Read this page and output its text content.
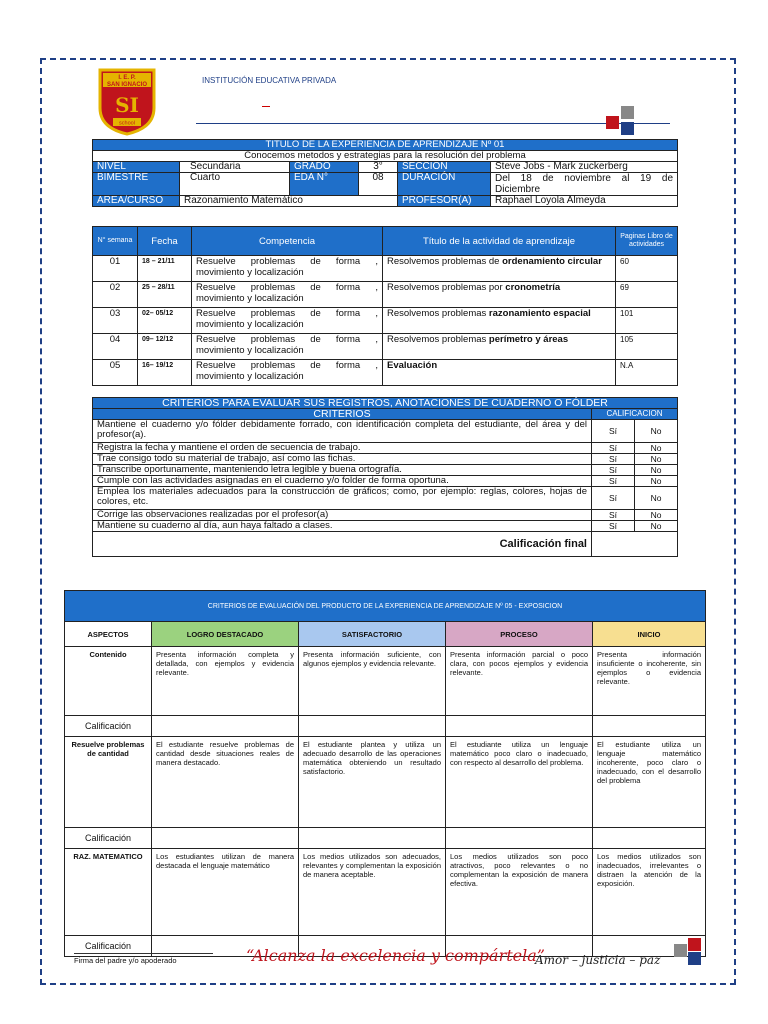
I. E. P.
SAN IGNACIO
SI
school
INSTITUCIÓN EDUCATIVA PRIVADA
TITULO DE LA EXPERIENCIA DE APRENDIZAJE Nº 01					
Conocemos metodos y estrategias para la resolución del problema					
NIVEL	Secundaria	GRADO	3°	SECCION	Steve Jobs - Mark zuckerberg
BIMESTRE	Cuarto	EDA N°	08	DURACIÓN	Del 18 de noviembre al 19 de Diciembre
AREA/CURSO	Razonamiento Matemático			PROFESOR(A)	Raphael Loyola Almeyda
N° semana	Fecha	Competencia	Título de la actividad de aprendizaje	Paginas Libro de actividades
01	18 – 21/11	Resuelve problemas de forma , movimiento y localización	Resolvemos problemas de ordenamiento circular	60
02	25 – 28/11	Resuelve problemas de forma , movimiento y localización	Resolvemos problemas por cronometría	69
03	02– 05/12	Resuelve problemas de forma , movimiento y localización	Resolvemos problemas razonamiento espacial	101
04	09– 12/12	Resuelve problemas de forma , movimiento y localización	Resolvemos problemas perímetro y áreas	105
05	16– 19/12	Resuelve problemas de forma , movimiento y localización	Evaluación	N.A
CRITERIOS PARA EVALUAR SUS REGISTROS, ANOTACIONES DE CUADERNO O FÓLDER		
CRITERIOS	CALIFICACION	
Mantiene el cuaderno y/o fólder debidamente forrado, con identificación completa del estudiante, del área y del profesor(a).	Sí	No
Registra la fecha y mantiene el orden de secuencia de trabajo.	Sí	No
Trae consigo todo su material de trabajo, así como las fichas.	Sí	No
Transcribe oportunamente, manteniendo letra legible y buena ortografía.	Sí	No
Cumple con las actividades asignadas en el cuaderno y/o folder de forma oportuna.	Sí	No
Emplea los materiales adecuados para la construcción de gráficos; como, por ejemplo: reglas, colores, hojas de colores, etc.	Sí	No
Corrige las observaciones realizadas por el profesor(a)	Sí	No
Mantiene su cuaderno al día, aun haya faltado a clases.	Sí	No
Calificación final		
CRITERIOS DE EVALUACIÓN DEL PRODUCTO DE LA EXPERIENCIA DE APRENDIZAJE Nº 05 - EXPOSICION				
ASPECTOS	LOGRO DESTACADO	SATISFACTORIO	PROCESO	INICIO
Contenido	Presenta información completa y detallada, con ejemplos y evidencia relevante.	Presenta información suficiente, con algunos ejemplos y evidencia relevante.	Presenta información parcial o poco clara, con pocos ejemplos y evidencia relevante.	Presenta información insuficiente o incoherente, sin ejemplos o evidencia relevante.
Calificación				
Resuelve problemas de cantidad	El estudiante resuelve problemas de cantidad desde situaciones reales de manera destacado.	El estudiante plantea y utiliza un adecuado desarrollo de las operaciones matemática obteniendo un resultado satisfactorio.	El estudiante utiliza un lenguaje matemático poco claro o inadecuado, con respecto al desarrollo del problema.	El estudiante utiliza un lenguaje matemático incoherente, poco claro o inadecuado, con el desarrollo del problema
Calificación				
RAZ. MATEMATICO	Los estudiantes utilizan de manera destacada el lenguaje matemático	Los medios utilizados son adecuados, relevantes y complementan la exposición de manera aceptable.	Los medios utilizados son poco atractivos, poco relevantes o no complementan la exposición de manera efectiva.	Los medios utilizados son inadecuados, irrelevantes o distraen la atención de la exposición.
Calificación				
Firma del padre y/o apoderado	“Alcanza la excelencia y compártela”
Amor – justicia – paz
